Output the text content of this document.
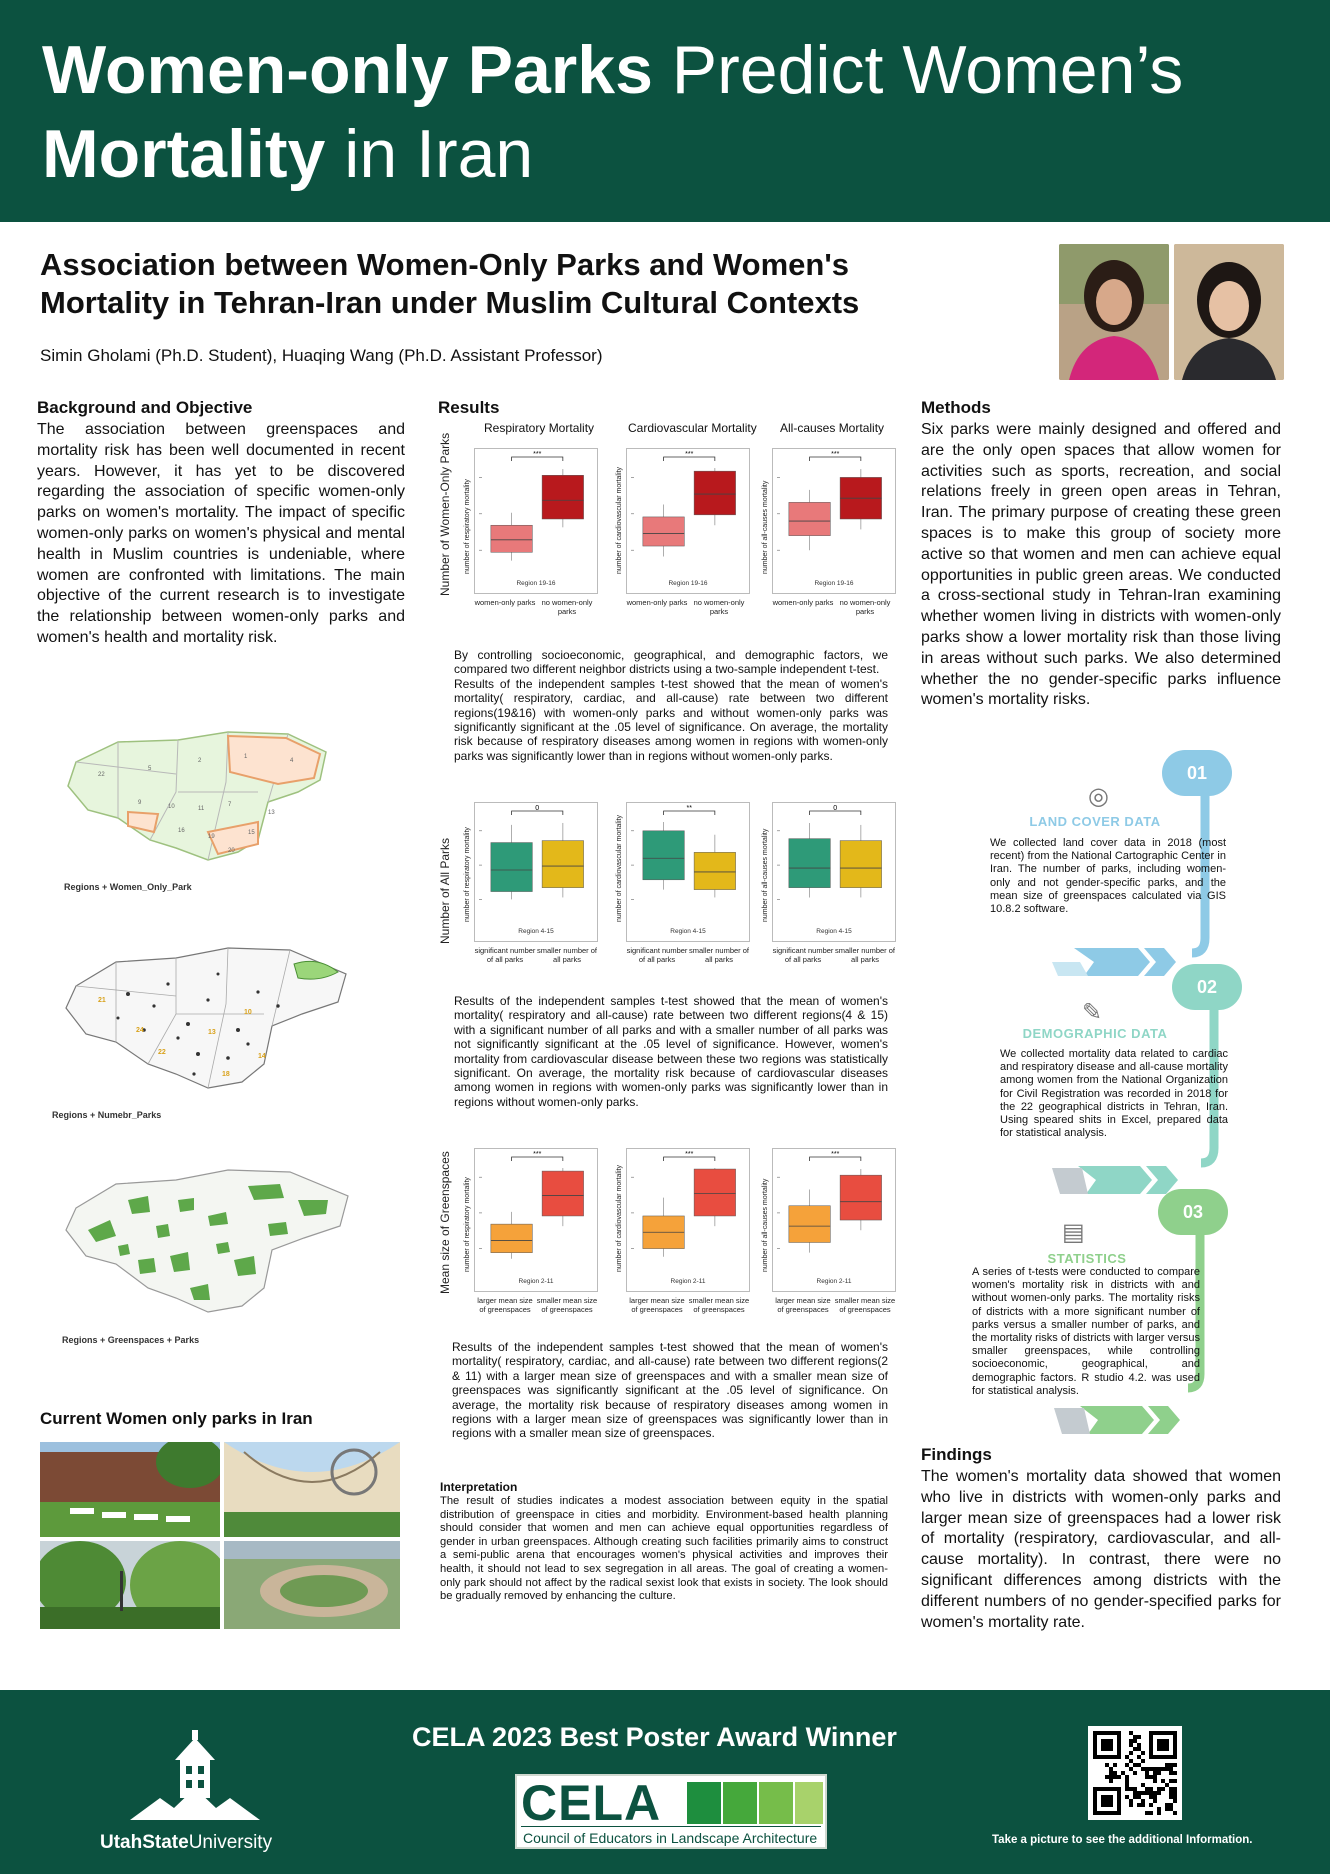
Women-only Parks Predict Women’s
Mortality in Iran
Association between Women-Only Parks and Women's
Mortality in Tehran-Iran under Muslim Cultural Contexts
Simin Gholami (Ph.D. Student), Huaqing Wang (Ph.D. Assistant Professor)
Background and Objective
The association between greenspaces and mortality risk has been well documented in recent years. However, it has yet to be discovered regarding the association of specific women-only parks on women's mortality. The impact of specific women-only parks on women's physical and mental health in Muslim countries is undeniable, where women are confronted with limitations. The main objective of the current research is to investigate the relationship between women-only parks and women's health and mortality risk.
22
5
2
1
4
9
10	11
7
13
16
19
15
20
Regions + Women_Only_Park
21
24
22
13
10
14
18
Regions + Numebr_Parks
Regions + Greenspaces + Parks
Current Women only parks in Iran
Results
Respiratory Mortality	Cardiovascular Mortality All-causes Mortality
Number of Women-Only Parks	***
Region 19-16
number of respiratory mortality
women-only parks no women-only parks
***
Region 19-16
number of cardiovascular mortality
women-only parks no women-only parks
***
Region 19-16
number of all-causes mortality
women-only parks no women-only parks
Number of All Parks
0
Region 4-15
number of respiratory mortality
significant number of all parks
smaller number of all parks
**
Region 4-15
number of cardiovascular mortality
significant number of all parks
smaller number of all parks
0
Region 4-15
number of all-causes mortality
significant number of all parks
smaller number of all parks
Mean size of Greenspaces	***
Region 2-11
number of respiratory mortality
larger mean size of greenspaces
smaller mean size of greenspaces
***
Region 2-11
number of cardiovascular mortality
larger mean size of greenspaces
smaller mean size of greenspaces
***
Region 2-11
number of all-causes mortality
larger mean size of greenspaces
smaller mean size of greenspaces
By controlling socioeconomic, geographical, and demographic factors, we compared two different neighbor districts using a two-sample independent t-test.
Results of the independent samples t-test showed that the mean of women's mortality( respiratory, cardiac, and all-cause) rate between two different regions(19&16) with women-only parks and without women-only parks was significantly significant at the .05 level of significance. On average, the mortality risk because of respiratory diseases among women in regions with women-only parks was significantly lower than in regions without women-only parks.
Results of the independent samples t-test showed that the mean of women's mortality( respiratory and all-cause) rate between two different regions(4 & 15) with a significant number of all parks and with a smaller number of all parks was not significantly significant at the .05 level of significance. However, women's mortality from cardiovascular disease between these two regions was statistically significant. On average, the mortality risk because of cardiovascular diseases among women in regions with women-only parks was significantly lower than in regions without women-only parks.
Results of the independent samples t-test showed that the mean of women's mortality( respiratory, cardiac, and all-cause) rate between two different regions(2 & 11) with a larger mean size of greenspaces and with a smaller mean size of greenspaces was significantly significant at the .05 level of significance. On average, the mortality risk because of respiratory diseases among women in regions with a larger mean size of greenspaces was significantly lower than in regions with a smaller mean size of greenspaces.
Interpretation
The result of studies indicates a modest association between equity in the spatial distribution of greenspace in cities and morbidity. Environment-based health planning should consider that women and men can achieve equal opportunities regardless of gender in urban greenspaces. Although creating such facilities primarily aims to construct a semi-public arena that encourages women's physical activities and improves their health, it should not lead to sex segregation in all areas. The goal of creating a women-only park should not affect by the radical sexist look that exists in society. The look should be gradually removed by enhancing the culture.
Methods
Six parks were mainly designed and offered and are the only open spaces that allow women for activities such as sports, recreation, and social relations freely in green open areas in Tehran, Iran. The primary purpose of creating these green spaces is to make this group of society more active so that women and men can achieve equal opportunities in public green areas. We conducted a cross-sectional study in Tehran-Iran examining whether women living in districts with women-only parks show a lower mortality risk than those living in areas without such parks. We also determined whether the no gender-specific parks influence women's mortality risks.
01
◎
LAND COVER DATA
We collected land cover data in 2018 (most recent) from the National Cartographic Center in Iran. The number of parks, including women-only and not gender-specific parks, and the mean size of greenspaces calculated via GIS 10.8.2 software.
02
✎
DEMOGRAPHIC DATA
We collected mortality data related to cardiac and respiratory disease and all-cause mortality among women from the National Organization for Civil Registration was recorded in 2018 for the 22 geographical districts in Tehran, Iran. Using speared shits in Excel, prepared data for statistical analysis.
03
▤
STATISTICS
A series of t-tests were conducted to compare women's mortality risk in districts with and without women-only parks. The mortality risks of districts with a more significant number of parks versus a smaller number of parks, and the mortality risks of districts with larger versus smaller greenspaces, while controlling socioeconomic, geographical, and demographic factors. R studio 4.2. was used for statistical analysis.
Findings
The women's mortality data showed that women who live in districts with women-only parks and larger mean size of greenspaces had a lower risk of mortality (respiratory, cardiovascular, and all-cause mortality). In contrast, there were no significant differences among districts with the different numbers of no gender-specified parks for women's mortality rate.
UtahStateUniversity
CELA 2023 Best Poster Award Winner
CELA
Council of Educators in Landscape Architecture	Take a picture to see the additional Information.
